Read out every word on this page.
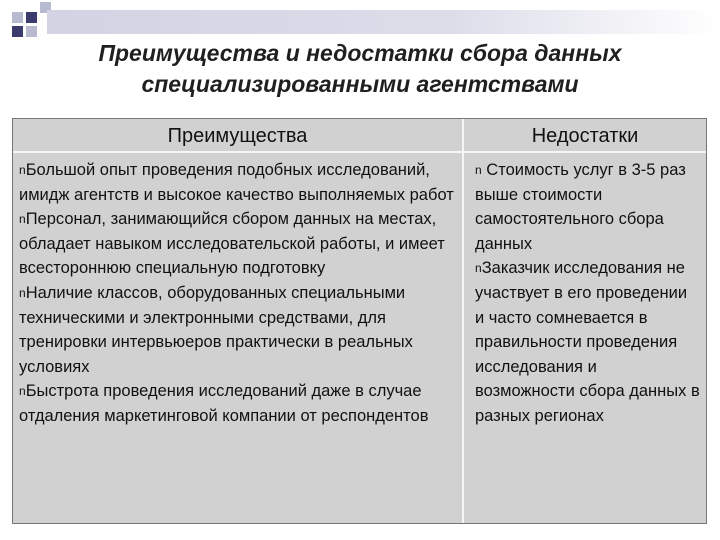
Преимущества и недостатки сбора данных
специализированными агентствами
Преимущества	Недостатки

nБольшой опыт проведения подобных исследований, имидж агентств и высокое качество выполняемых работ

nПерсонал, занимающийся сбором данных на местах, обладает навыком исследовательской работы, и имеет всестороннюю специальную подготовку

nНаличие классов, оборудованных специальными техническими и электронными средствами, для тренировки интервьюеров практически в реальных условиях

nБыстрота проведения исследований даже в случае отдаления маркетинговой компании от респондентов

n Стоимость услуг в 3-5 раз выше стоимости самостоятельного сбора данных

nЗаказчик исследования не участвует в его проведении и часто сомневается в правильности проведения исследования и возможности сбора данных в разных регионах
